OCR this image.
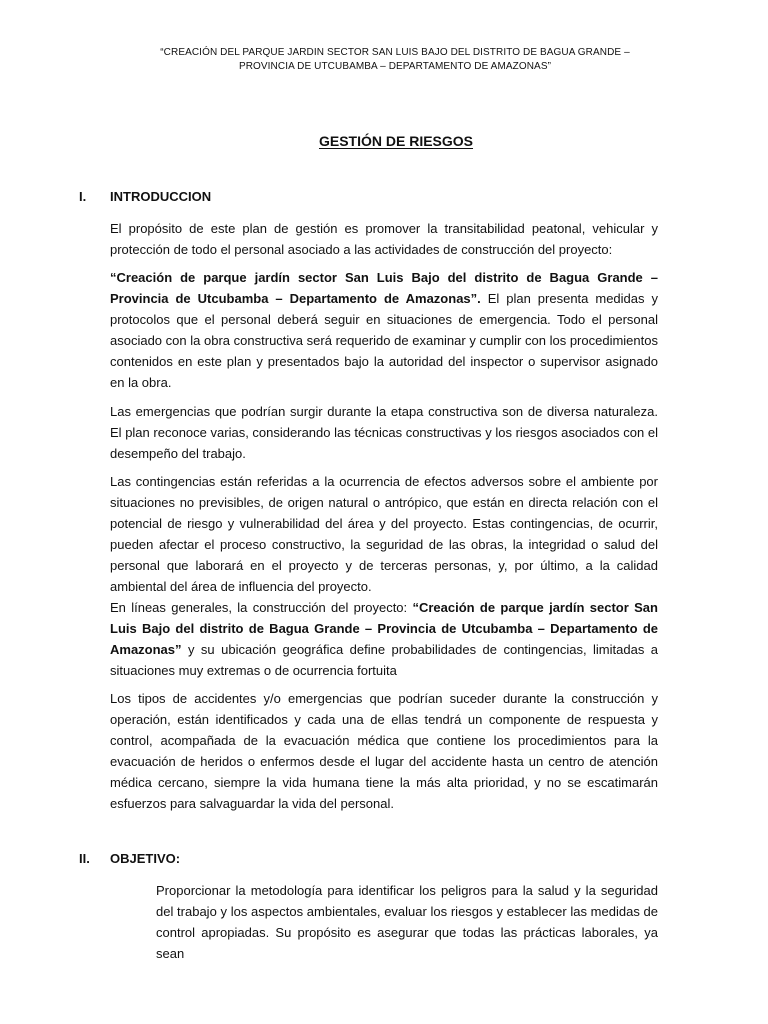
“CREACIÓN DEL PARQUE JARDIN SECTOR SAN LUIS BAJO DEL DISTRITO DE BAGUA GRANDE –
PROVINCIA DE UTCUBAMBA – DEPARTAMENTO DE AMAZONAS”
GESTIÓN DE RIESGOS
I. INTRODUCCION

El propósito de este plan de gestión es promover la transitabilidad peatonal, vehicular y protección de todo el personal asociado a las actividades de construcción del proyecto:

“Creación de parque jardín sector San Luis Bajo del distrito de Bagua Grande – Provincia de Utcubamba – Departamento de Amazonas”. El plan presenta medidas y protocolos que el personal deberá seguir en situaciones de emergencia. Todo el personal asociado con la obra constructiva será requerido de examinar y cumplir con los procedimientos contenidos en este plan y presentados bajo la autoridad del inspector o supervisor asignado en la obra.

Las emergencias que podrían surgir durante la etapa constructiva son de diversa naturaleza. El plan reconoce varias, considerando las técnicas constructivas y los riesgos asociados con el desempeño del trabajo.

Las contingencias están referidas a la ocurrencia de efectos adversos sobre el ambiente por situaciones no previsibles, de origen natural o antrópico, que están en directa relación con el potencial de riesgo y vulnerabilidad del área y del proyecto. Estas contingencias, de ocurrir, pueden afectar el proceso constructivo, la seguridad de las obras, la integridad o salud del personal que laborará en el proyecto y de terceras personas, y, por último, a la calidad ambiental del área de influencia del proyecto.

En líneas generales, la construcción del proyecto: “Creación de parque jardín sector San Luis Bajo del distrito de Bagua Grande – Provincia de Utcubamba – Departamento de Amazonas” y su ubicación geográfica define probabilidades de contingencias, limitadas a situaciones muy extremas o de ocurrencia fortuita

Los tipos de accidentes y/o emergencias que podrían suceder durante la construcción y operación, están identificados y cada una de ellas tendrá un componente de respuesta y control, acompañada de la evacuación médica que contiene los procedimientos para la evacuación de heridos o enfermos desde el lugar del accidente hasta un centro de atención médica cercano, siempre la vida humana tiene la más alta prioridad, y no se escatimarán esfuerzos para salvaguardar la vida del personal.

II. OBJETIVO:

Proporcionar la metodología para identificar los peligros para la salud y la seguridad del trabajo y los aspectos ambientales, evaluar los riesgos y establecer las medidas de control apropiadas. Su propósito es asegurar que todas las prácticas laborales, ya sean
